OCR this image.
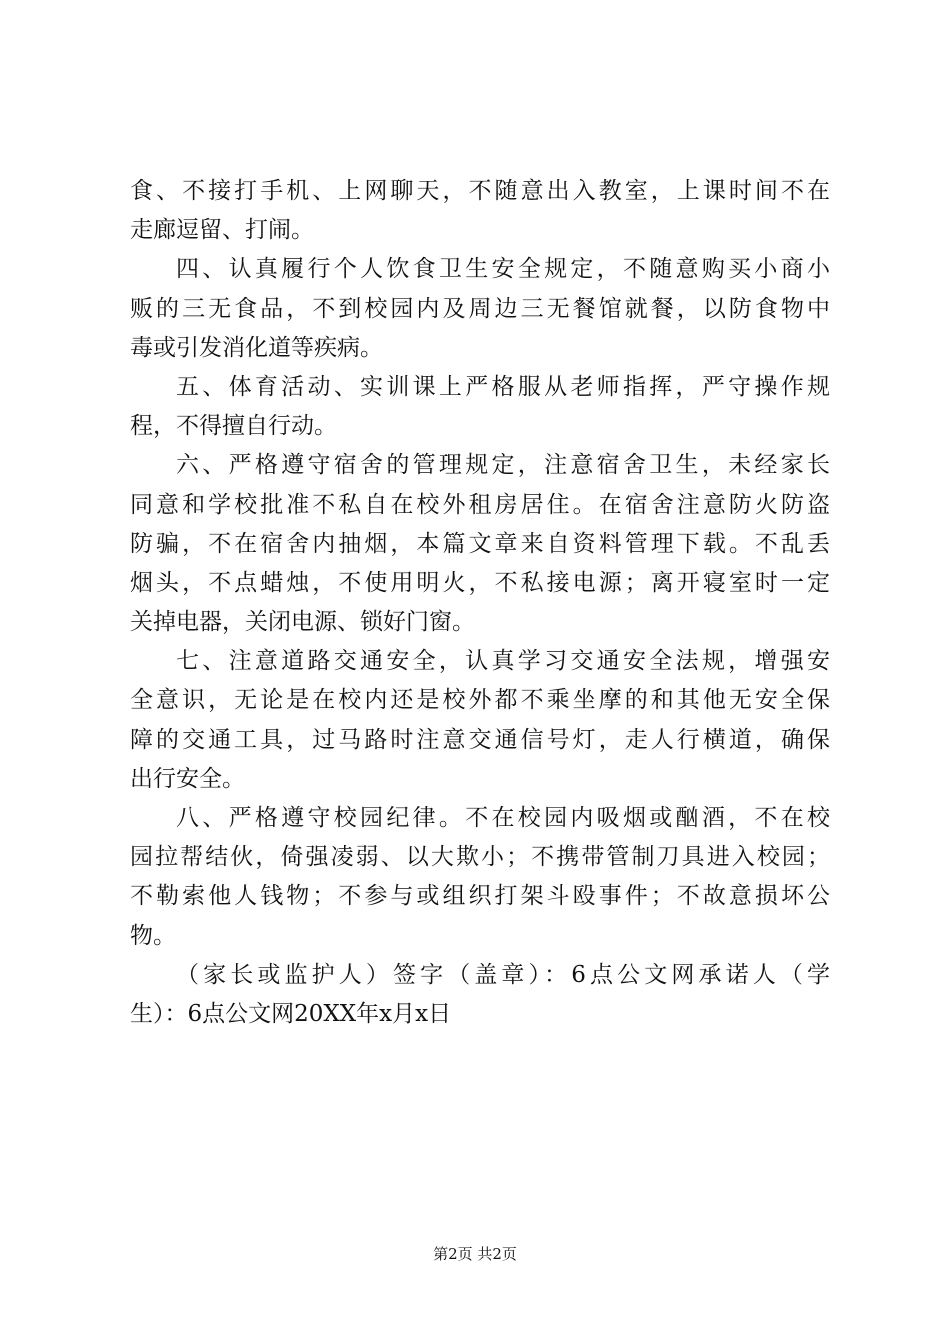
食、不接打手机、上网聊天，不随意出入教室，上课时间不在
走廊逗留、打闹。
四、认真履行个人饮食卫生安全规定，不随意购买小商小
贩的三无食品，不到校园内及周边三无餐馆就餐，以防食物中
毒或引发消化道等疾病。
五、体育活动、实训课上严格服从老师指挥，严守操作规
程，不得擅自行动。
六、严格遵守宿舍的管理规定，注意宿舍卫生，未经家长
同意和学校批准不私自在校外租房居住。在宿舍注意防火防盗
防骗，不在宿舍内抽烟，本篇文章来自资料管理下载。不乱丢
烟头，不点蜡烛，不使用明火，不私接电源；离开寝室时一定
关掉电器，关闭电源、锁好门窗。
七、注意道路交通安全，认真学习交通安全法规，增强安
全意识，无论是在校内还是校外都不乘坐摩的和其他无安全保
障的交通工具，过马路时注意交通信号灯，走人行横道，确保
出行安全。
八、严格遵守校园纪律。不在校园内吸烟或酗酒，不在校
园拉帮结伙，倚强凌弱、以大欺小；不携带管制刀具进入校园；
不勒索他人钱物；不参与或组织打架斗殴事件；不故意损坏公
物。
（家长或监护人）签字（盖章）：6点公文网承诺人（学
生）：6点公文网20XX年x月x日
第2页 共2页
